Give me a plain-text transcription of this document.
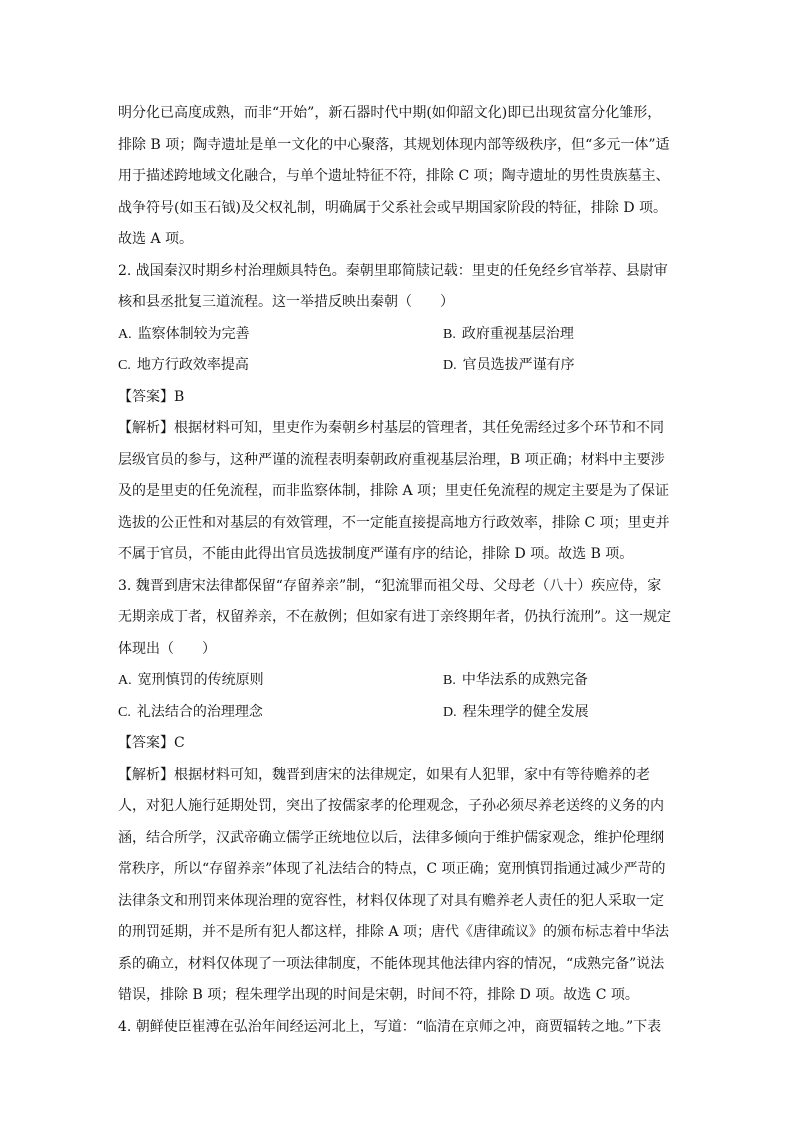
明分化已高度成熟，而非“开始”，新石器时代中期(如仰韶文化)即已出现贫富分化雏形，
排除 B 项；陶寺遗址是单一文化的中心聚落，其规划体现内部等级秩序，但“多元一体”适
用于描述跨地域文化融合，与单个遗址特征不符，排除 C 项；陶寺遗址的男性贵族墓主、
战争符号(如玉石钺)及父权礼制，明确属于父系社会或早期国家阶段的特征，排除 D 项。
故选 A 项。
2. 战国秦汉时期乡村治理颇具特色。秦朝里耶简牍记载：里吏的任免经乡官举荐、县尉审
核和县丞批复三道流程。这一举措反映出秦朝（　　）
A. 监察体制较为完善	B. 政府重视基层治理
C. 地方行政效率提高	D. 官员选拔严谨有序
【答案】B
【解析】根据材料可知，里吏作为秦朝乡村基层的管理者，其任免需经过多个环节和不同
层级官员的参与，这种严谨的流程表明秦朝政府重视基层治理，B 项正确；材料中主要涉
及的是里吏的任免流程，而非监察体制，排除 A 项；里吏任免流程的规定主要是为了保证
选拔的公正性和对基层的有效管理，不一定能直接提高地方行政效率，排除 C 项；里吏并
不属于官员，不能由此得出官员选拔制度严谨有序的结论，排除 D 项。故选 B 项。
3. 魏晋到唐宋法律都保留“存留养亲”制，“犯流罪而祖父母、父母老（八十）疾应侍，家
无期亲成丁者，权留养亲，不在赦例；但如家有进丁亲终期年者，仍执行流刑”。这一规定
体现出（　　）
A. 宽刑慎罚的传统原则	B. 中华法系的成熟完备
C. 礼法结合的治理理念	D. 程朱理学的健全发展
【答案】C
【解析】根据材料可知，魏晋到唐宋的法律规定，如果有人犯罪，家中有等待赡养的老
人，对犯人施行延期处罚，突出了按儒家孝的伦理观念，子孙必须尽养老送终的义务的内
涵，结合所学，汉武帝确立儒学正统地位以后，法律多倾向于维护儒家观念，维护伦理纲
常秩序，所以“存留养亲”体现了礼法结合的特点，C 项正确；宽刑慎罚指通过减少严苛的
法律条文和刑罚来体现治理的宽容性，材料仅体现了对具有赡养老人责任的犯人采取一定
的刑罚延期，并不是所有犯人都这样，排除 A 项；唐代《唐律疏议》的颁布标志着中华法
系的确立，材料仅体现了一项法律制度，不能体现其他法律内容的情况，“成熟完备”说法
错误，排除 B 项；程朱理学出现的时间是宋朝，时间不符，排除 D 项。故选 C 项。
4. 朝鲜使臣崔溥在弘治年间经运河北上，写道：“临清在京师之冲，商贾辐转之地。”下表
